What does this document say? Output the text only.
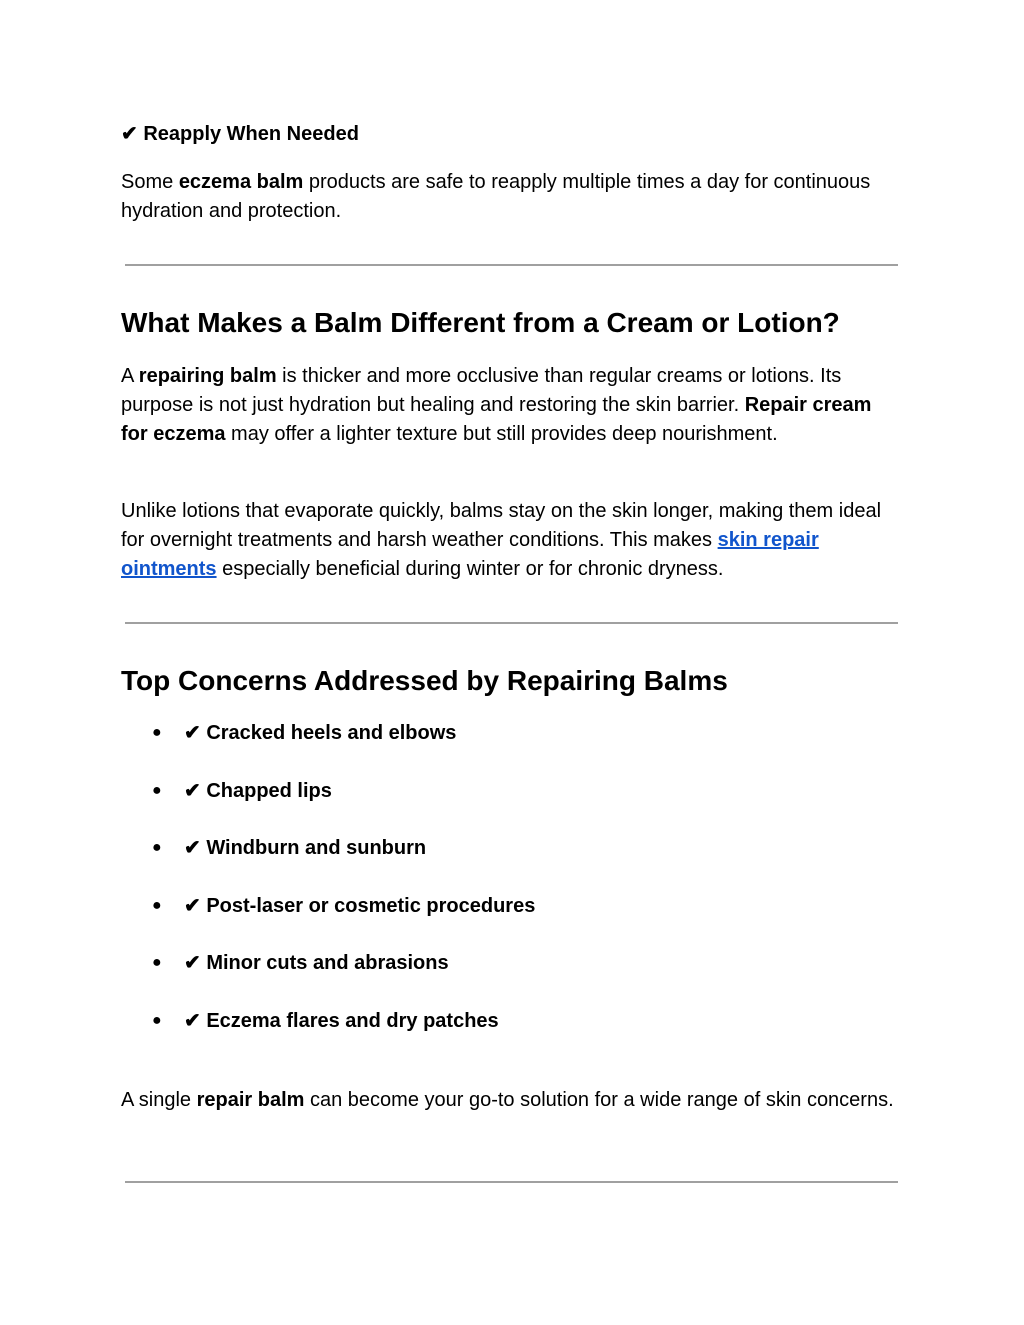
✔ Reapply When Needed

Some eczema balm products are safe to reapply multiple times a day for continuous hydration and protection.

What Makes a Balm Different from a Cream or Lotion?

A repairing balm is thicker and more occlusive than regular creams or lotions. Its purpose is not just hydration but healing and restoring the skin barrier. Repair cream for eczema may offer a lighter texture but still provides deep nourishment.

Unlike lotions that evaporate quickly, balms stay on the skin longer, making them ideal for overnight treatments and harsh weather conditions. This makes skin repair ointments especially beneficial during winter or for chronic dryness.

Top Concerns Addressed by Repairing Balms
● ✔ Cracked heels and elbows
● ✔ Chapped lips
● ✔ Windburn and sunburn
● ✔ Post-laser or cosmetic procedures
● ✔ Minor cuts and abrasions
● ✔ Eczema flares and dry patches

A single repair balm can become your go-to solution for a wide range of skin concerns.
